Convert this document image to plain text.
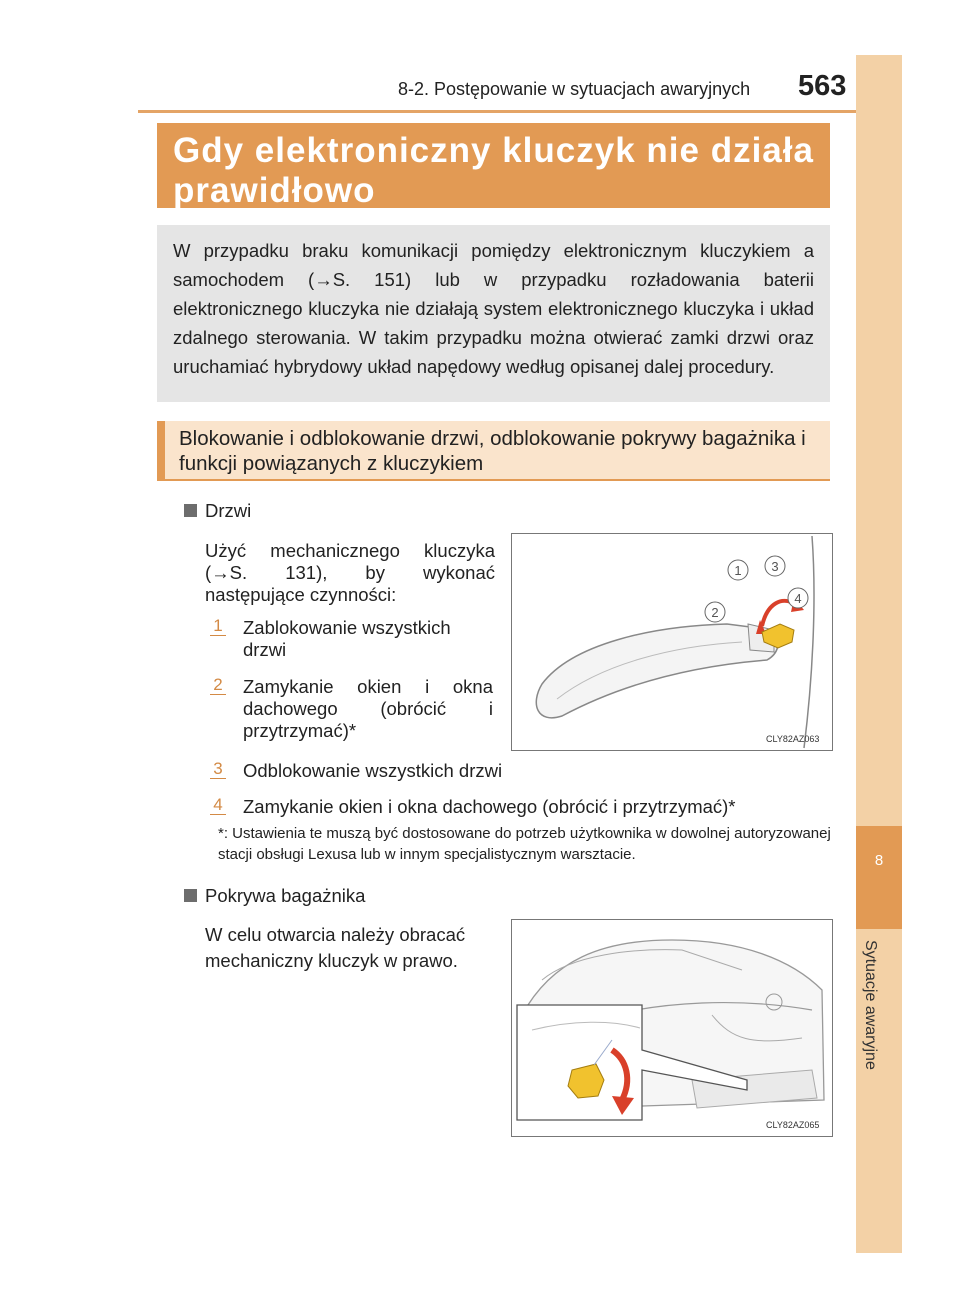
8
Sytuacje awaryjne
8-2. Postępowanie w sytuacjach awaryjnych 563
Gdy elektroniczny kluczyk nie działa prawidłowo
W przypadku braku komunikacji pomiędzy elektronicznym kluczykiem a samochodem (→S. 151) lub w przypadku rozładowania baterii elektronicznego kluczyka nie działają system elektronicznego kluczyka i układ zdalnego sterowania. W takim przypadku można otwierać zamki drzwi oraz uruchamiać hybrydowy układ napędowy według opisanej dalej procedury.
Blokowanie i odblokowanie drzwi, odblokowanie pokrywy bagażnika i funkcji powiązanych z kluczykiem
Drzwi
Użyć mechanicznego kluczyka (→S. 131), by wykonać następujące czynności:
1 Zablokowanie wszystkich drzwi
2 Zamykanie okien i okna dachowego (obrócić i przytrzymać)*
3 Odblokowanie wszystkich drzwi
4 Zamykanie okien i okna dachowego (obrócić i przytrzymać)*
*: Ustawienia te muszą być dostosowane do potrzeb użytkownika w dowolnej autoryzowanej stacji obsługi Lexusa lub w innym specjalistycznym warsztacie.
1
2
3
4
CLY82AZ063
Pokrywa bagażnika
W celu otwarcia należy obracać mechaniczny kluczyk w prawo.
CLY82AZ065
